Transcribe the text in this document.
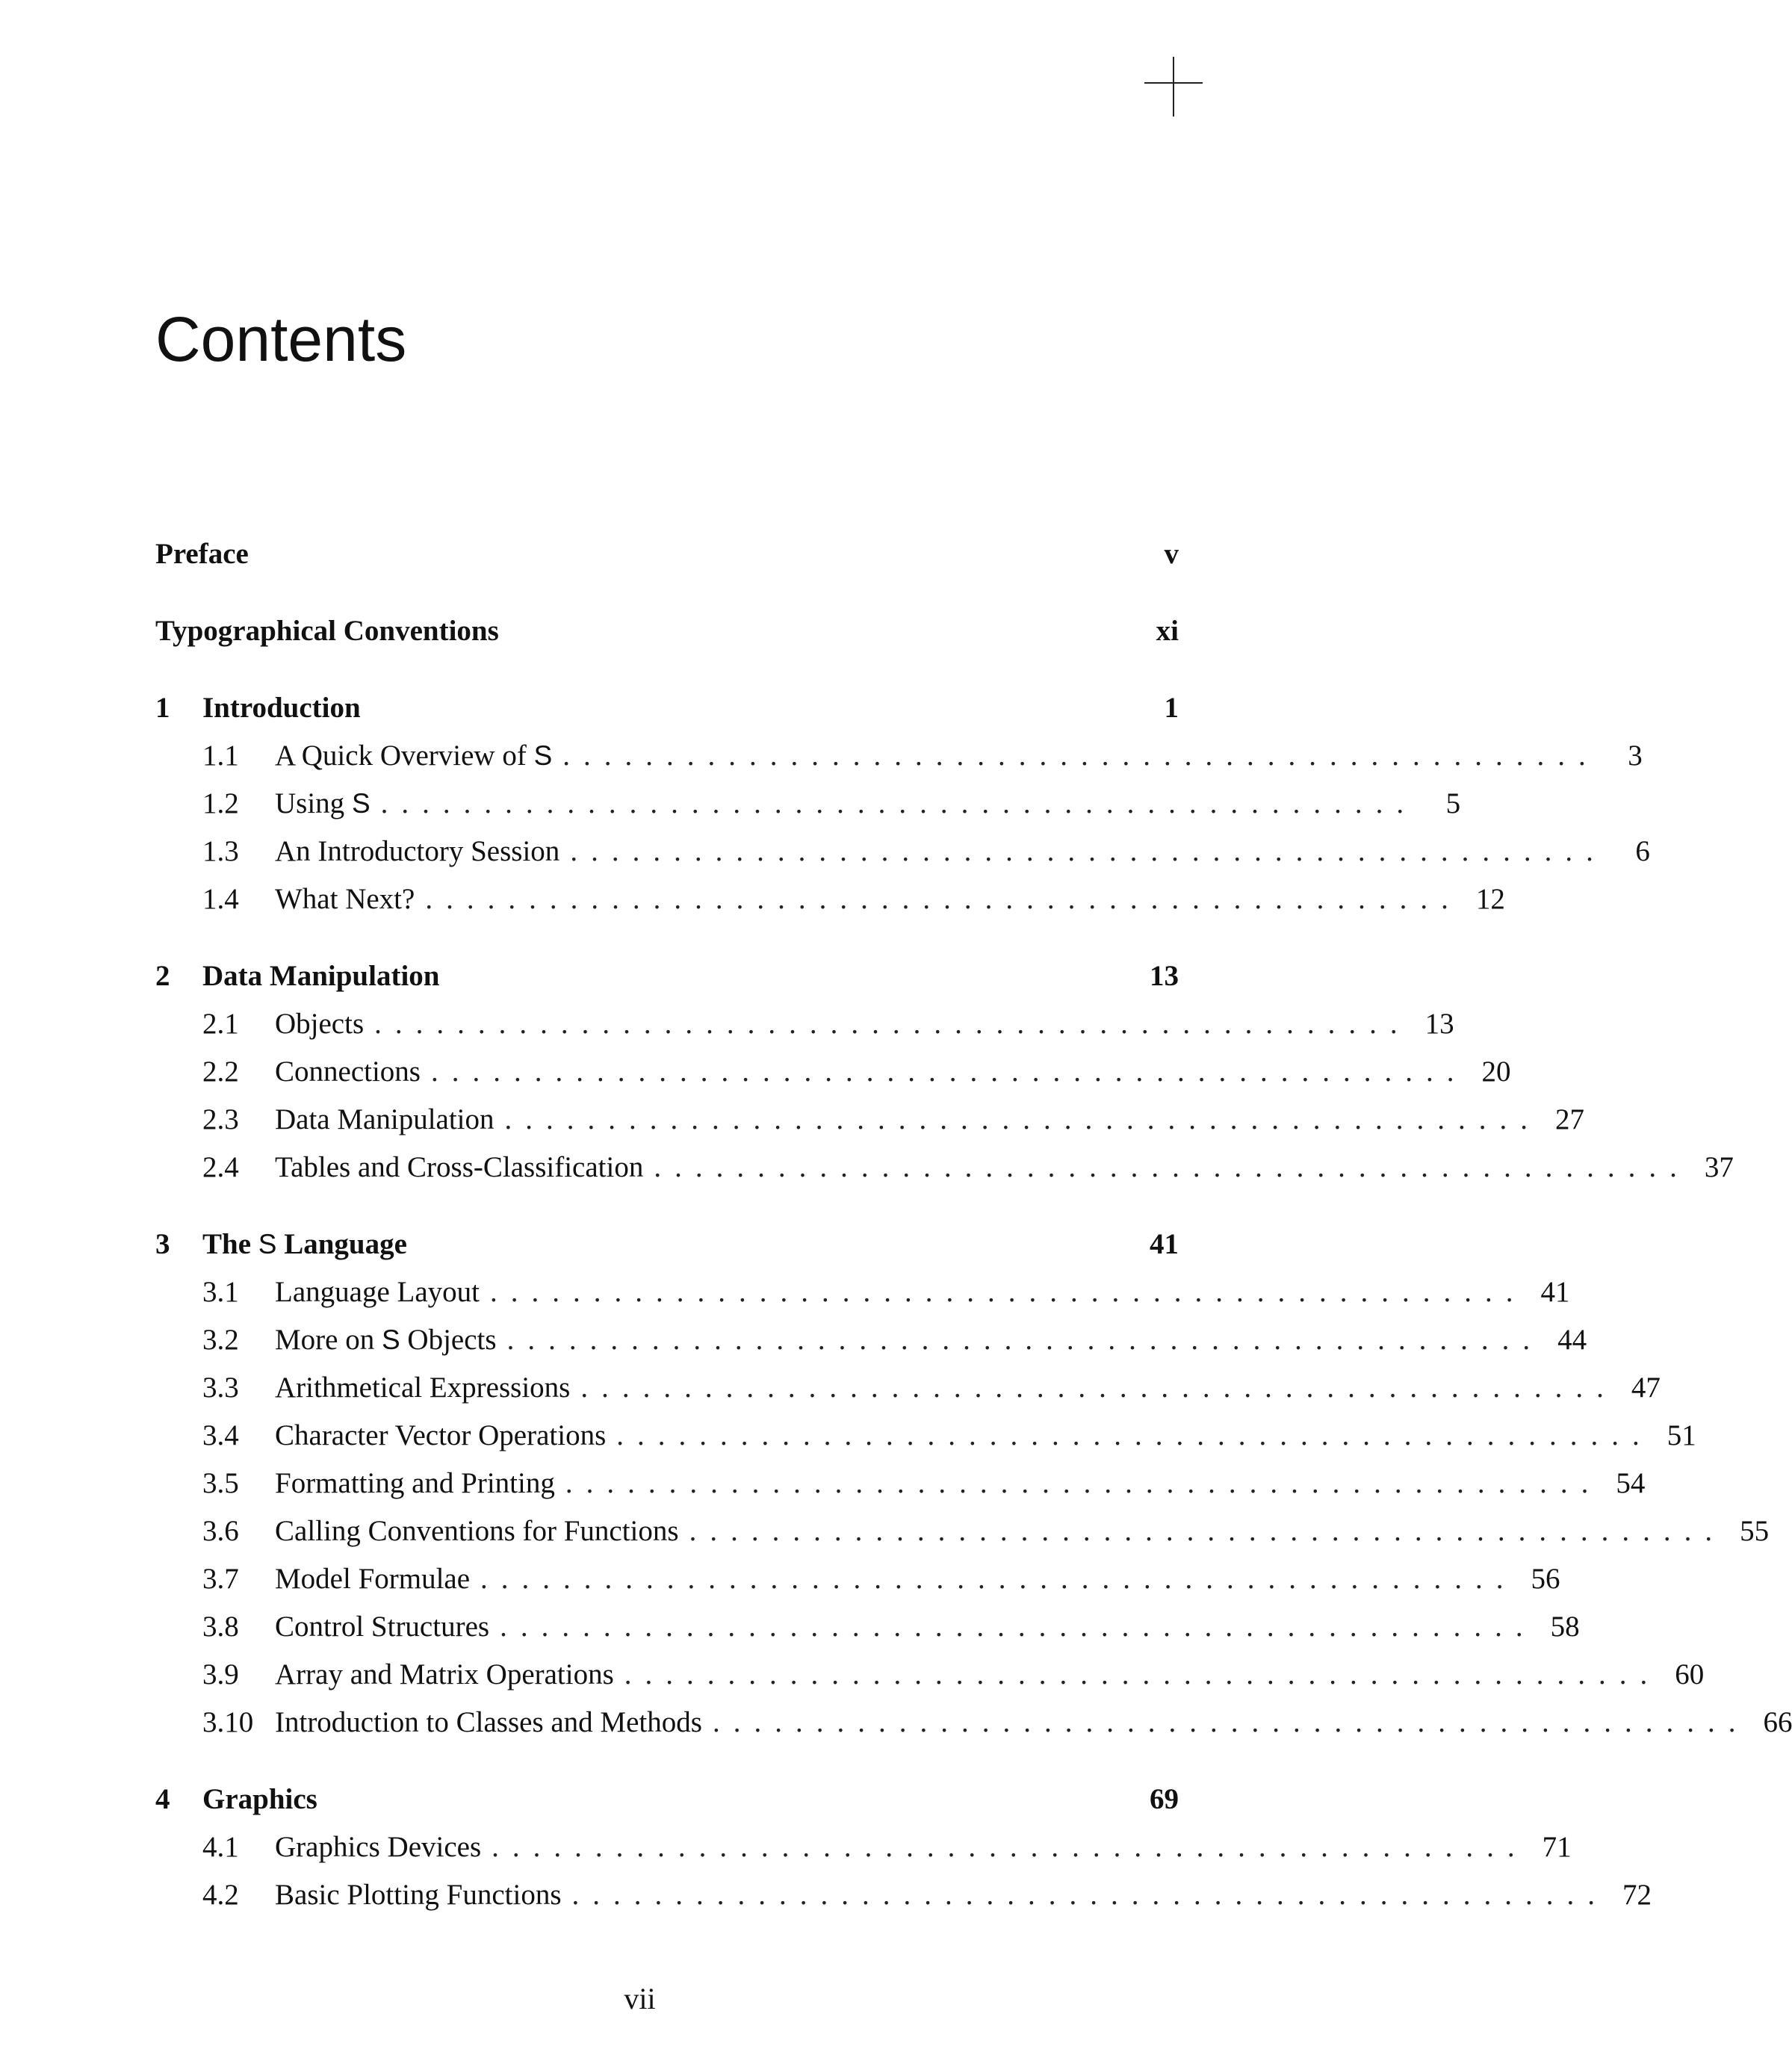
Contents
Preface	v
Typographical Conventions	xi
1	Introduction	1
1.1	A Quick Overview of S .................................................. 3
1.2	Using S .................................................. 5
1.3	An Introductory Session .................................................. 6
1.4	What Next? .................................................. 12
2	Data Manipulation	13
2.1	Objects .................................................. 13
2.2	Connections .................................................. 20
2.3	Data Manipulation .................................................. 27
2.4	Tables and Cross-Classification .................................................. 37
3	The S Language	41
3.1	Language Layout .................................................. 41
3.2	More on S Objects .................................................. 44
3.3	Arithmetical Expressions .................................................. 47
3.4	Character Vector Operations .................................................. 51
3.5	Formatting and Printing .................................................. 54
3.6	Calling Conventions for Functions .................................................. 55
3.7	Model Formulae .................................................. 56
3.8	Control Structures .................................................. 58
3.9	Array and Matrix Operations .................................................. 60
3.10 Introduction to Classes and Methods .................................................. 66
4	Graphics	69
4.1	Graphics Devices .................................................. 71
4.2	Basic Plotting Functions .................................................. 72
vii
